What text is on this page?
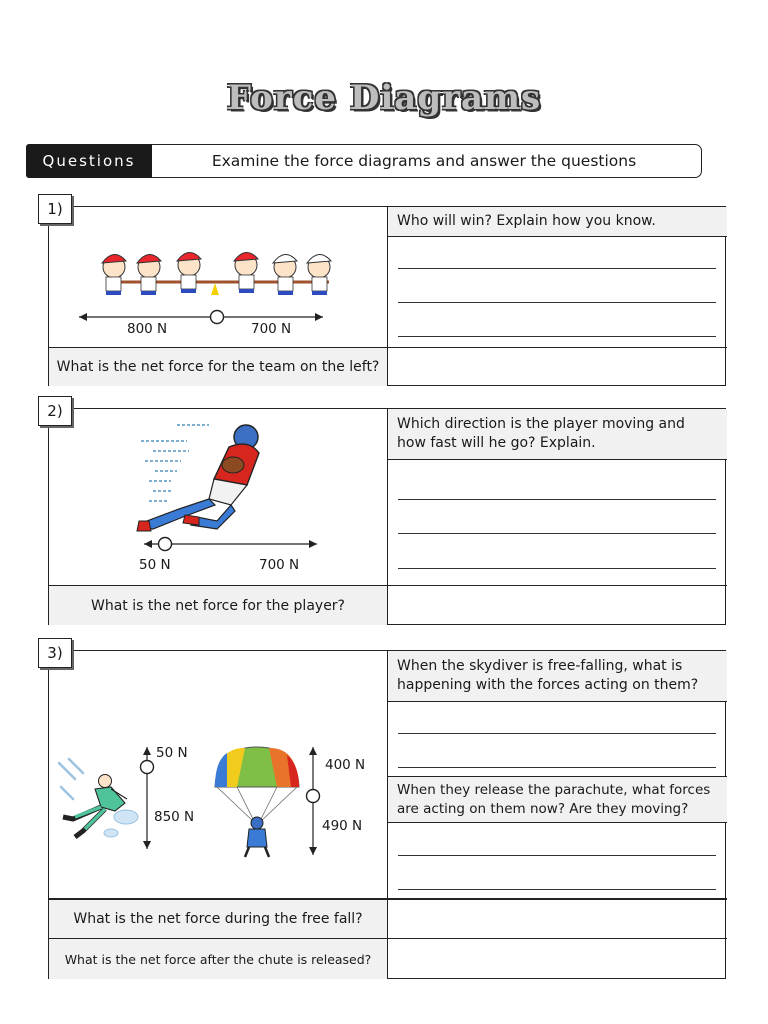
Force Diagrams
Examine the force diagrams and answer the questions
Questions
800 N	700 N
Who will win? Explain how you know.
What is the net force for the team on the left?
1)
50 N	700 N
Which direction is the player moving and how fast will he go? Explain.
What is the net force for the player?
2)
50 N
850 N
400 N
490 N
When the skydiver is free-falling, what is happening with the forces acting on them?
When they release the parachute, what forces are acting on them now? Are they moving?
What is the net force during the free fall?
What is the net force after the chute is released?
3)
